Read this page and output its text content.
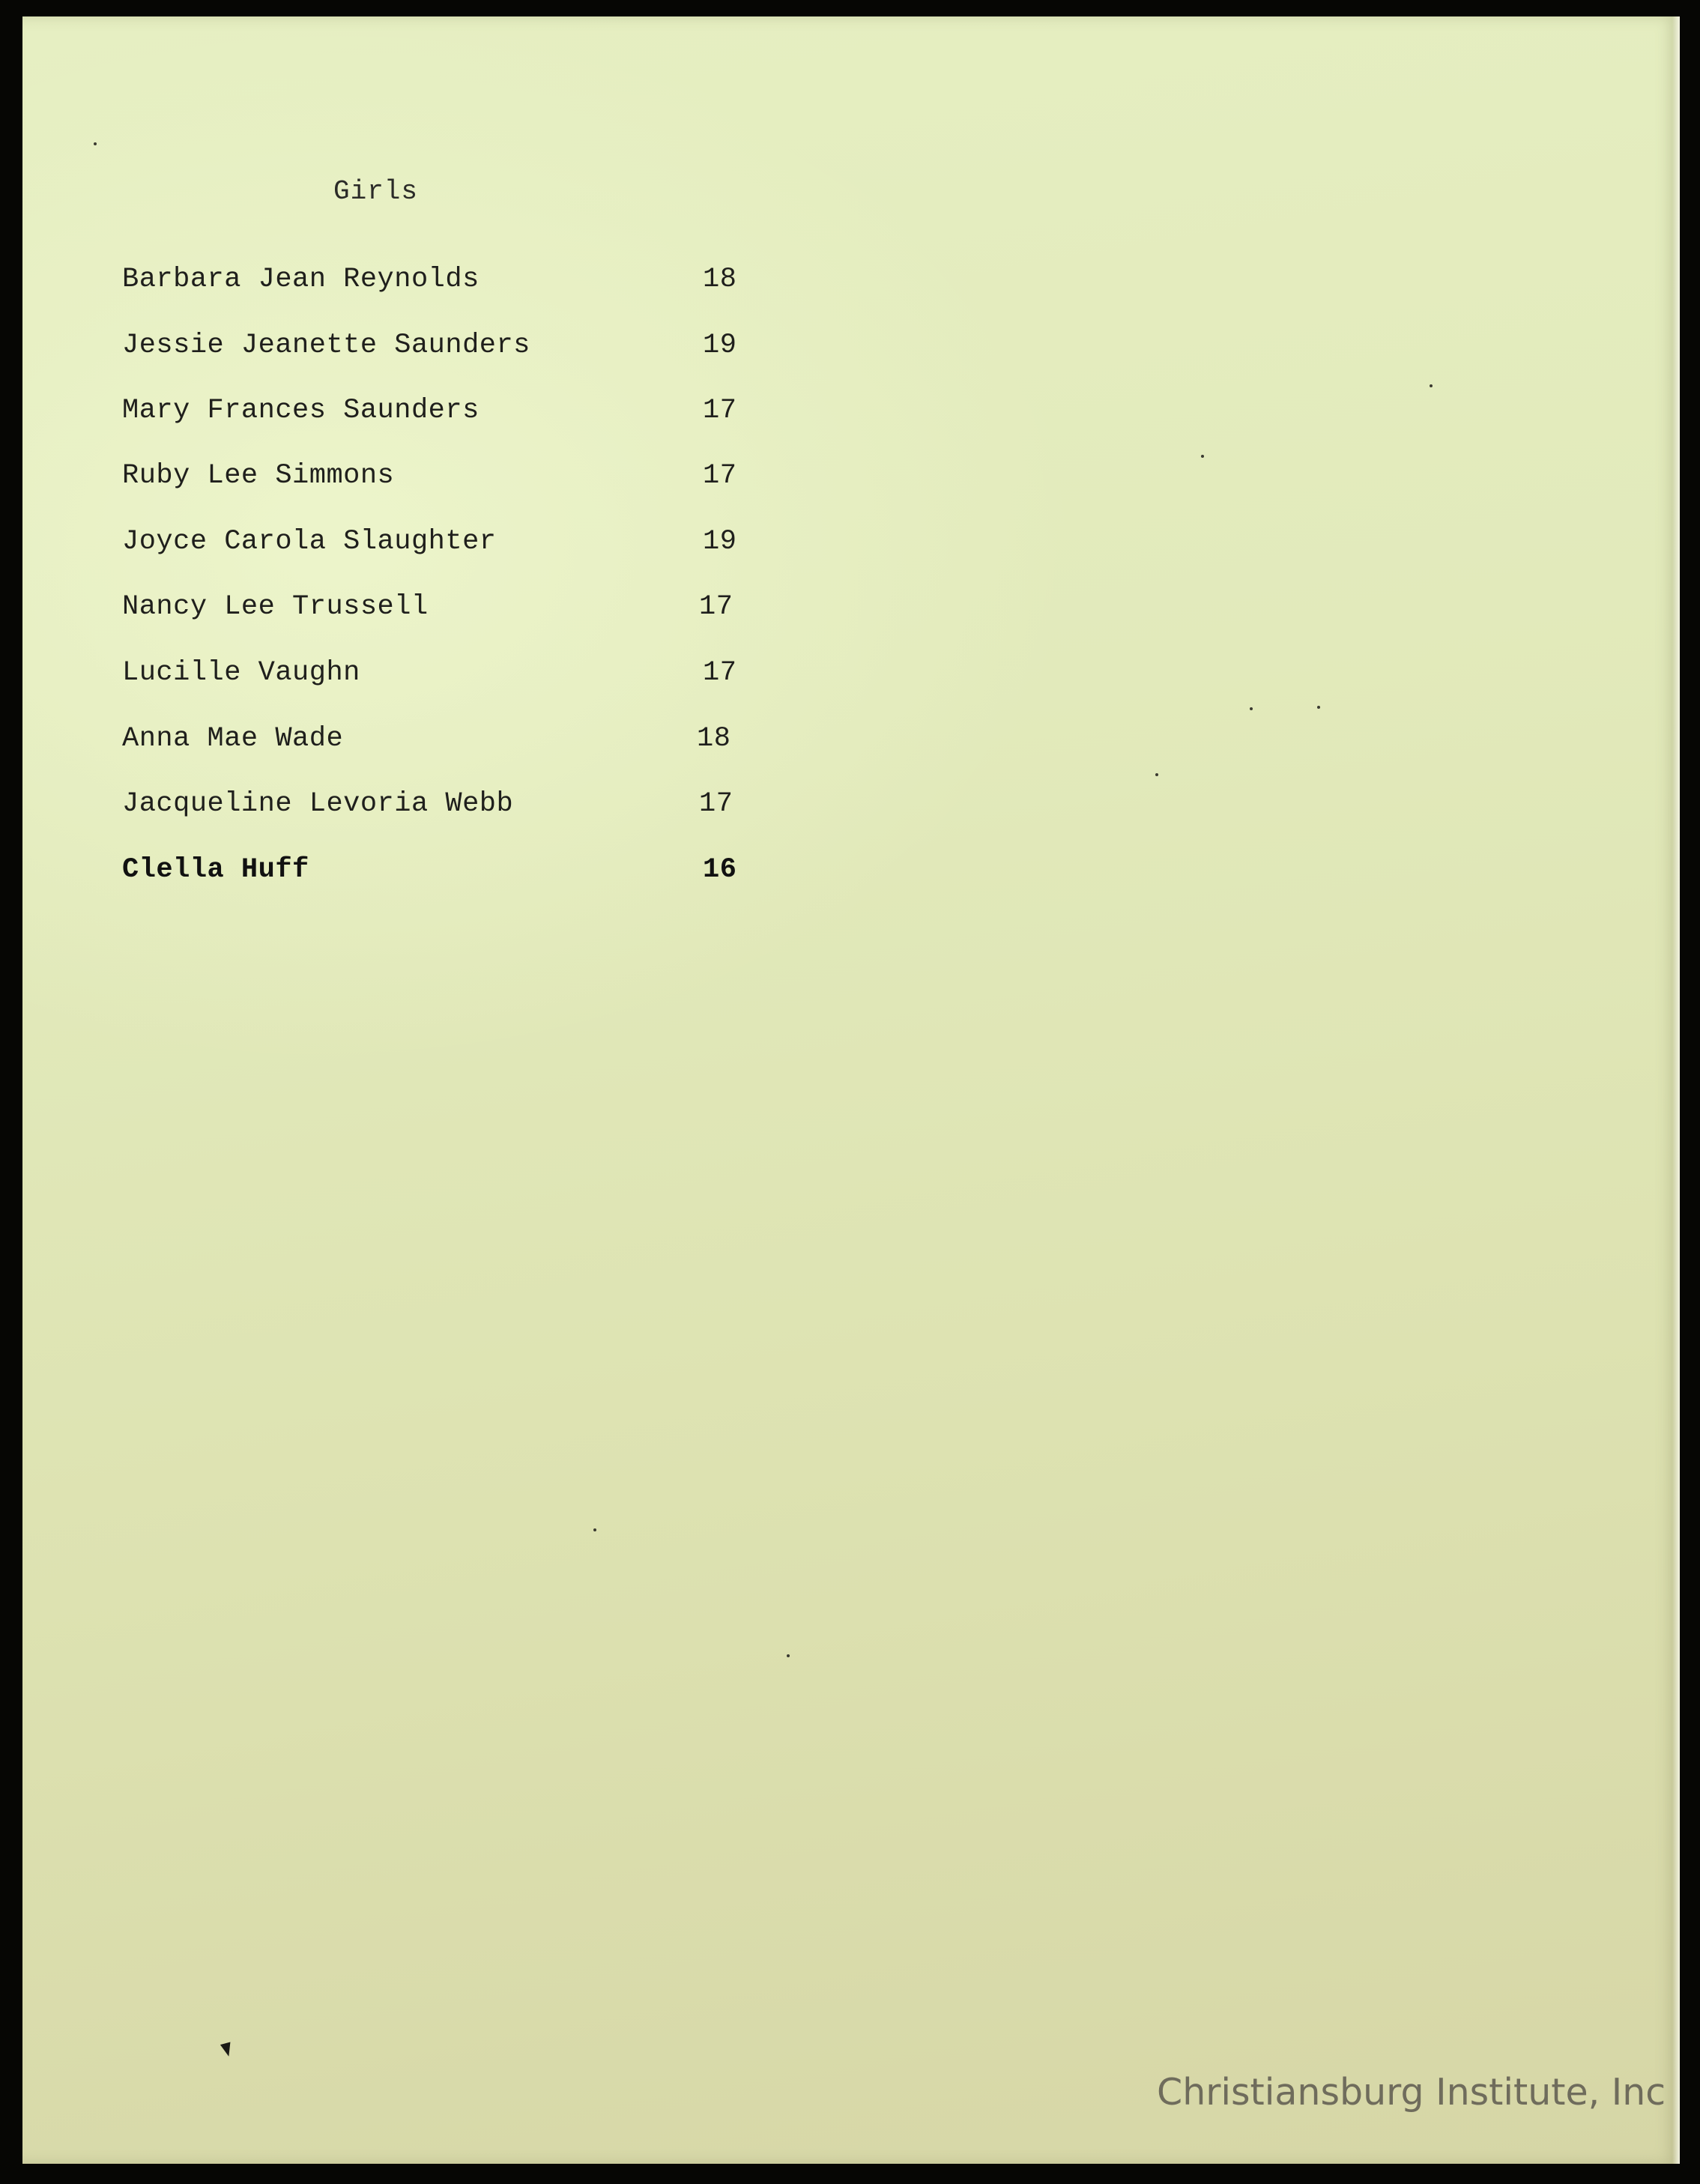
Girls
Barbara Jean Reynolds	18
Jessie Jeanette Saunders	19
Mary Frances Saunders	17
Ruby Lee Simmons	17
Joyce Carola Slaughter	19
Nancy Lee Trussell	17
Lucille Vaughn	17
Anna Mae Wade	18
Jacqueline Levoria Webb	17
Clella Huff	16
Christiansburg Institute, Inc
